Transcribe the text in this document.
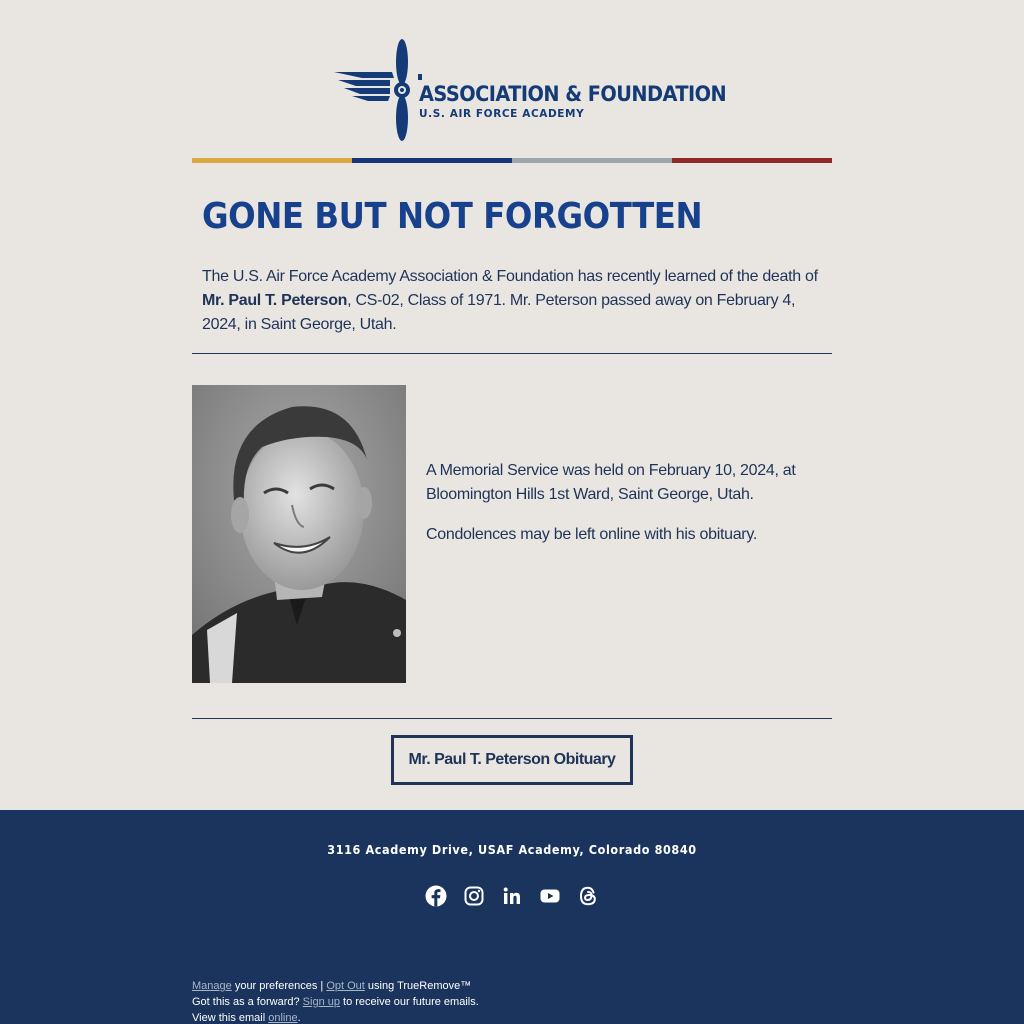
ASSOCIATION & FOUNDATION
U.S. AIR FORCE ACADEMY
GONE BUT NOT FORGOTTEN

The U.S. Air Force Academy Association & Foundation has recently learned of the death of Mr. Paul T. Peterson, CS-02, Class of 1971. Mr. Peterson passed away on February 4, 2024, in Saint George, Utah.

A Memorial Service was held on February 10, 2024, at Bloomington Hills 1st Ward, Saint George, Utah.

Condolences may be left online with his obituary.

Mr. Paul T. Peterson Obituary
3116 Academy Drive, USAF Academy, Colorado 80840
Manage your preferences | Opt Out using TrueRemove™
Got this as a forward? Sign up to receive our future emails.
View this email online.
